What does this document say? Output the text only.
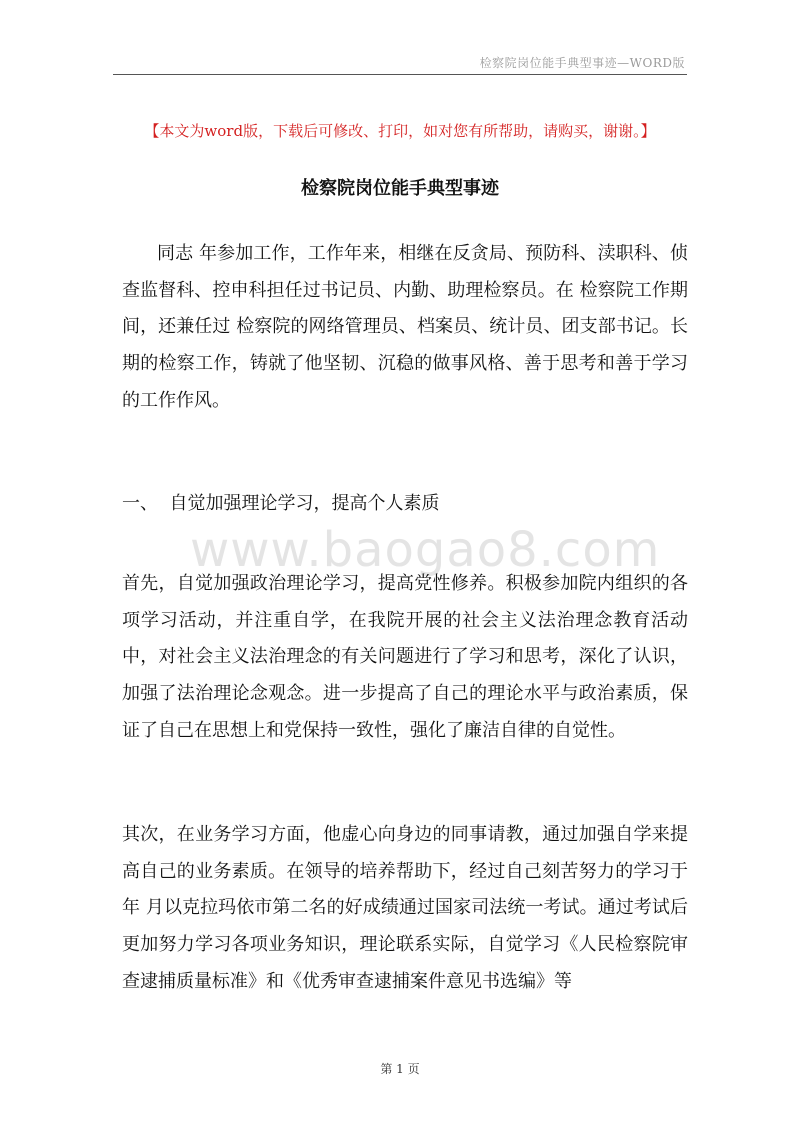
检察院岗位能手典型事迹—WORD版
【本文为word版，下载后可修改、打印，如对您有所帮助，请购买，谢谢。】
检察院岗位能手典型事迹
www.baogao8.com

同志 年参加工作，工作年来，相继在反贪局、预防科、渎职科、侦查监督科、控申科担任过书记员、内勤、助理检察员。在 检察院工作期间，还兼任过 检察院的网络管理员、档案员、统计员、团支部书记。长期的检察工作，铸就了他坚韧、沉稳的做事风格、善于思考和善于学习的工作作风。

一、  自觉加强理论学习，提高个人素质

首先，自觉加强政治理论学习，提高党性修养。积极参加院内组织的各项学习活动，并注重自学，在我院开展的社会主义法治理念教育活动中，对社会主义法治理念的有关问题进行了学习和思考，深化了认识，加强了法治理论念观念。进一步提高了自己的理论水平与政治素质，保证了自己在思想上和党保持一致性，强化了廉洁自律的自觉性。

其次，在业务学习方面，他虚心向身边的同事请教，通过加强自学来提高自己的业务素质。在领导的培养帮助下，经过自己刻苦努力的学习于 年 月以克拉玛依市第二名的好成绩通过国家司法统一考试。通过考试后更加努力学习各项业务知识，理论联系实际，自觉学习《人民检察院审查逮捕质量标准》和《优秀审查逮捕案件意见书选编》等

第 1 页
